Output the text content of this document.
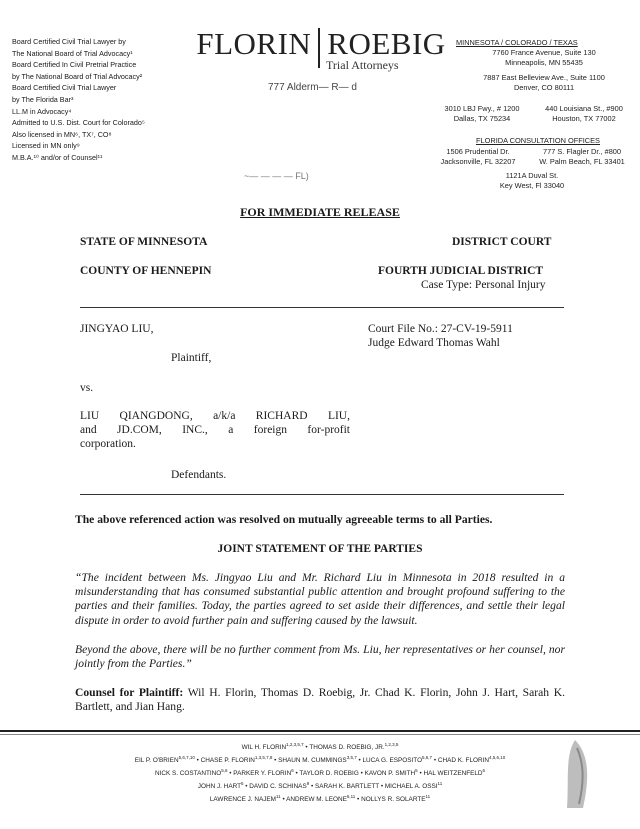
Board Certified Civil Trial Lawyer by
The National Board of Trial Advocacy¹
Board Certified In Civil Pretrial Practice
by The National Board of Trial Advocacy²
Board Certified Civil Trial Lawyer
by The Florida Bar³
LL.M in Advocacy⁴
Admitted to U.S. Dist. Court for Colorado⁵
Also licensed in MN⁶, TX⁷, CO⁸
Licensed in MN only⁹
M.B.A.¹⁰ and/or of Counsel¹¹
FLORIN ROEBIG
Trial Attorneys
777 Alderm— R— d
~— — — — FL)
MINNESOTA / COLORADO / TEXAS
7760 France Avenue, Suite 130
Minneapolis, MN 55435
7887 East Belleview Ave., Suite 1100
Denver, CO 80111
3010 LBJ Fwy., # 1200
Dallas, TX 75234
440 Louisiana St., #900
Houston, TX 77002
FLORIDA CONSULTATION OFFICES
1506 Prudential Dr.
Jacksonville, FL 32207
777 S. Flagler Dr., #800
W. Palm Beach, FL 33401
1121A Duval St.
Key West, Fl 33040
FOR IMMEDIATE RELEASE
STATE OF MINNESOTA	DISTRICT COURT
COUNTY OF HENNEPIN	FOURTH JUDICIAL DISTRICT
Case Type: Personal Injury
JINGYAO LIU,
Plaintiff,
Court File No.: 27-CV-19-5911
Judge Edward Thomas Wahl
vs.
LIU QIANGDONG, a/k/a RICHARD LIU,
and JD.COM, INC., a foreign for-profit
corporation.
Defendants.
The above referenced action was resolved on mutually agreeable terms to all Parties.
JOINT STATEMENT OF THE PARTIES
“The incident between Ms. Jingyao Liu and Mr. Richard Liu in Minnesota in 2018 resulted in a misunderstanding that has consumed substantial public attention and brought profound suffering to the parties and their families. Today, the parties agreed to set aside their differences, and settle their legal dispute in order to avoid further pain and suffering caused by the lawsuit.
Beyond the above, there will be no further comment from Ms. Liu, her representatives or her counsel, nor jointly from the Parties.”
Counsel for Plaintiff: Wil H. Florin, Thomas D. Roebig, Jr. Chad K. Florin, John J. Hart, Sarah K. Bartlett, and Jian Hang.
WIL H. FLORIN$^{1,2,3,5,7}$ • THOMAS D. ROEBIG, JR.$^{1,2,3,5}$
EIL P. O'BRIEN$^{5,6,7,10}$ • CHASE P. FLORIN$^{1,3,5,7,8}$ • SHAUN M. CUMMINGS$^{3,5,7}$ • LUCA G. ESPOSITO$^{5,6,7}$ • CHAD K. FLORIN$^{4,5,6,10}$
NICK S. COSTANTINO$^{5,6}$ • PARKER Y. FLORIN$^6$ • TAYLOR D. ROEBIG • KAVON P. SMITH$^5$ • HAL WEITZENFELD$^6$
JOHN J. HART$^5$ • DAVID C. SCHINAS$^9$ • SARAH K. BARTLETT • MICHAEL A. OSSI$^{11}$
LAWRENCE J. NAJEM$^{11}$ • ANDREW M. LEONE$^{6,11}$ • NOLLYS R. SOLARTE$^{11}$
